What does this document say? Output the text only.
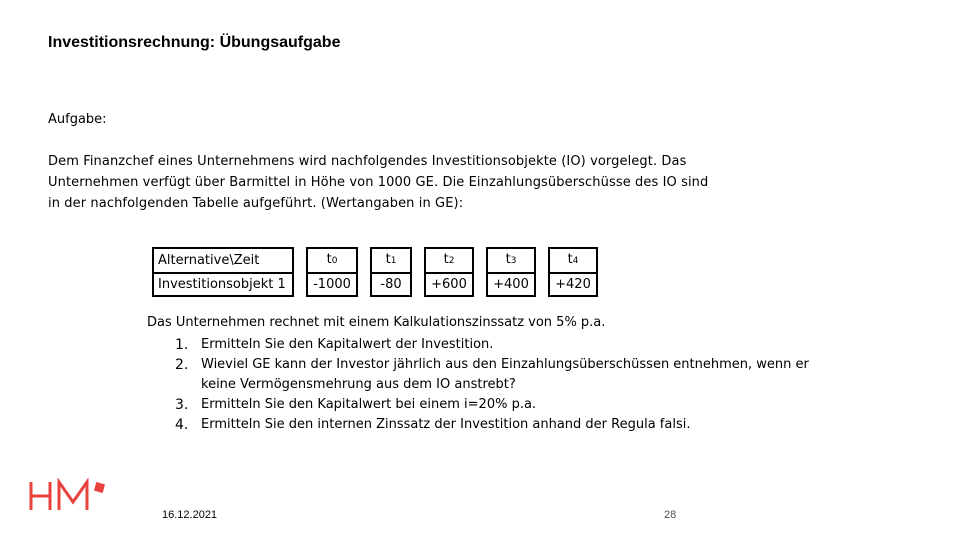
Investitionsrechnung: Übungsaufgabe
Aufgabe:
Dem Finanzchef eines Unternehmens wird nachfolgendes Investitionsobjekte (IO) vorgelegt. Das
Unternehmen verfügt über Barmittel in Höhe von 1000 GE. Die Einzahlungsüberschüsse des IO sind
in der nachfolgenden Tabelle aufgeführt. (Wertangaben in GE):
Alternative\Zeit		t0		t1		t2		t3		t4
Investitionsobjekt 1		-1000		-80		+600		+400		+420
Das Unternehmen rechnet mit einem Kalkulationszinssatz von 5% p.a.
1. Ermitteln Sie den Kapitalwert der Investition.
2. Wieviel GE kann der Investor jährlich aus den Einzahlungsüberschüssen entnehmen, wenn er
keine Vermögensmehrung aus dem IO anstrebt?
3. Ermitteln Sie den Kapitalwert bei einem i=20% p.a.
4. Ermitteln Sie den internen Zinssatz der Investition anhand der Regula falsi.
16.12.2021	28
